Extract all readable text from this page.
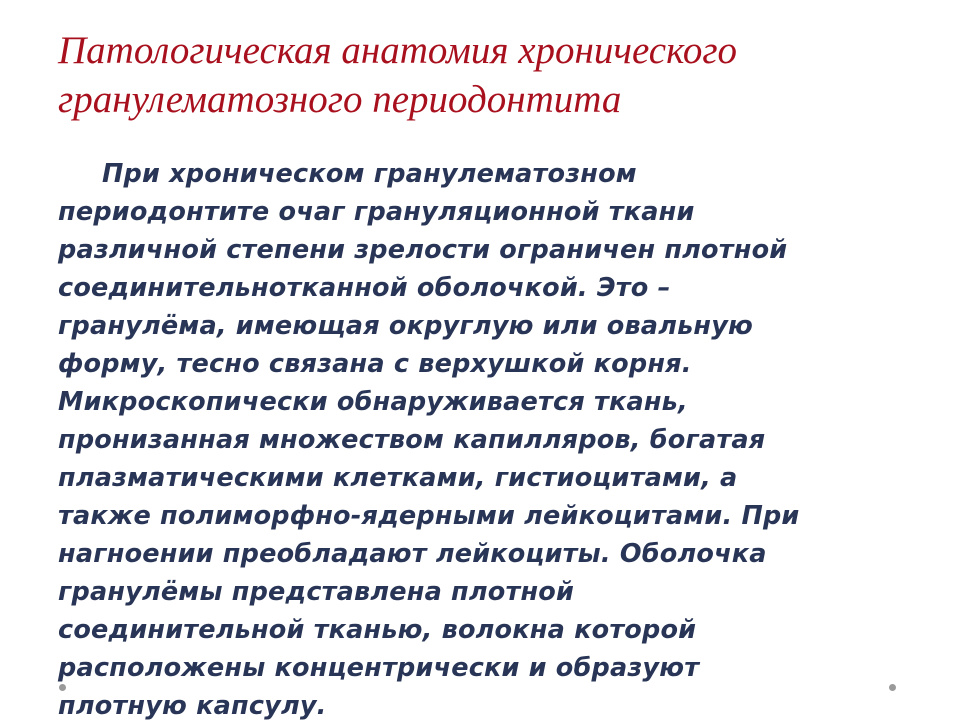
Патологическая анатомия хронического
гранулематозного периодонтита
При хроническом гранулематозном
периодонтите очаг грануляционной ткани
различной степени зрелости ограничен плотной
соединительнотканной оболочкой. Это –
гранулёма, имеющая округлую или овальную
форму, тесно связана с верхушкой корня.
Микроскопически обнаруживается ткань,
пронизанная множеством капилляров, богатая
плазматическими клетками, гистиоцитами, а
также полиморфно-ядерными лейкоцитами. При
нагноении преобладают лейкоциты. Оболочка
гранулёмы представлена плотной
соединительной тканью, волокна которой
расположены концентрически и образуют
плотную капсулу.
